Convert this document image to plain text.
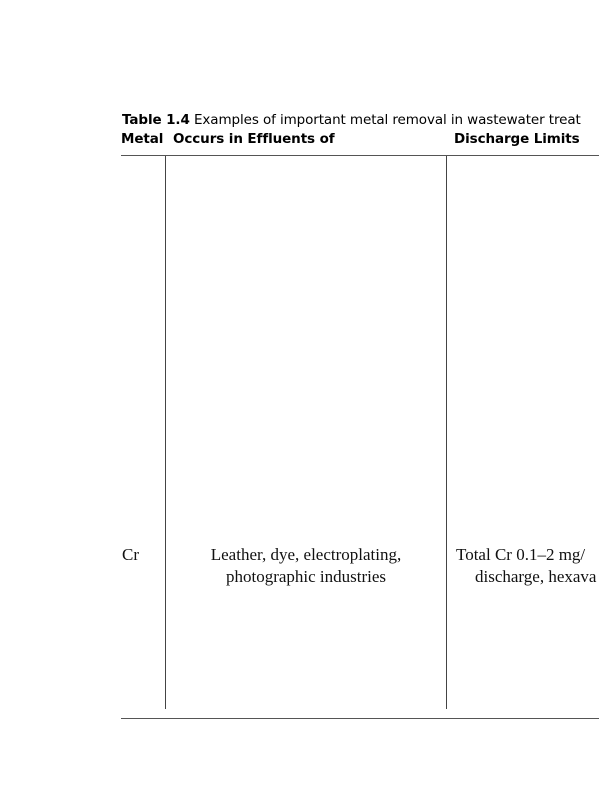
Table 1.4 Examples of important metal removal in wastewater treat
Metal Occurs in Effluents of	Discharge Limits
Cr	Leather, dye, electroplating,
photographic industries
Total Cr 0.1–2 mg/
discharge, hexava
